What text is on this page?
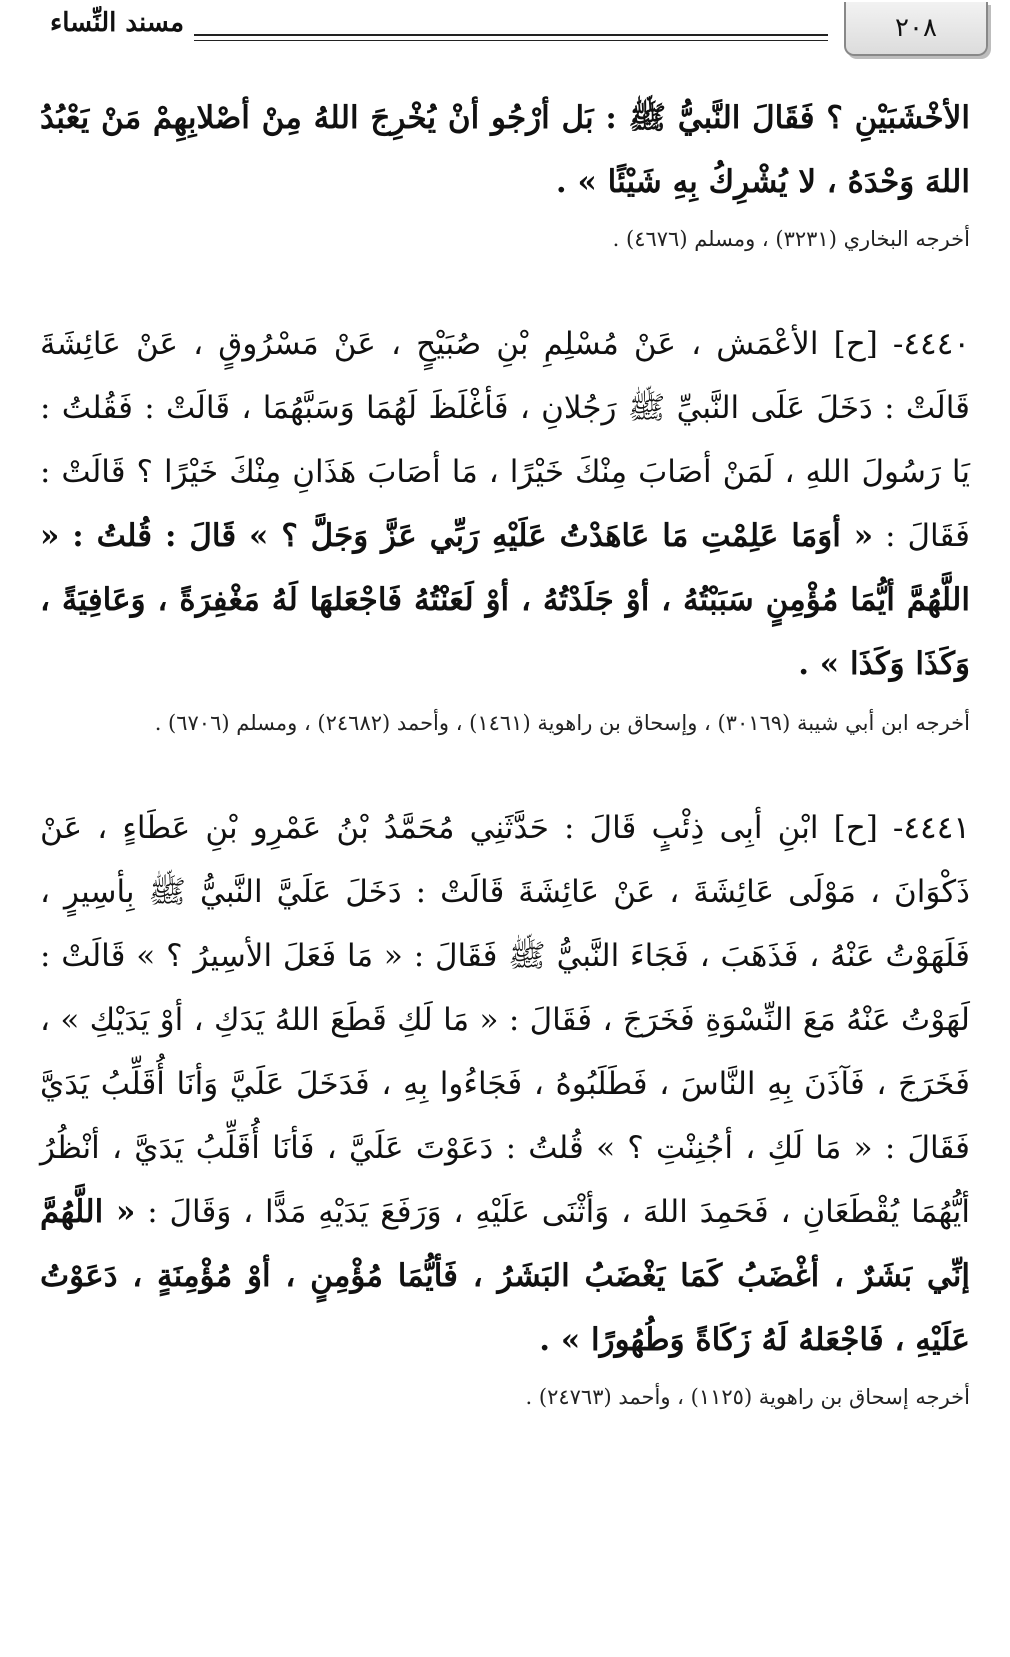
٢٠٨
مسند النِّساء

الأخْشَبَيْنِ ؟ فَقَالَ النَّبيُّ ﷺ : بَل أرْجُو أنْ يُخْرِجَ اللهُ مِنْ أصْلابِهِمْ مَنْ يَعْبُدُ اللهَ وَحْدَهُ ، لا يُشْرِكُ بِهِ شَيْئًا » .

أخرجه البخاري (٣٢٣١) ، ومسلم (٤٦٧٦) .

٤٤٤٠- [ح] الأعْمَش ، عَنْ مُسْلِمِ بْنِ صُبَيْحٍ ، عَنْ مَسْرُوقٍ ، عَنْ عَائِشَةَ قَالَتْ : دَخَلَ عَلَى النَّبيِّ ﷺ رَجُلانِ ، فَأغْلَظَ لَهُمَا وَسَبَّهُمَا ، قَالَتْ : فَقُلتُ : يَا رَسُولَ اللهِ ، لَمَنْ أصَابَ مِنْكَ خَيْرًا ، مَا أصَابَ هَذَانِ مِنْكَ خَيْرًا ؟ قَالَتْ : فَقَالَ : « أوَمَا عَلِمْتِ مَا عَاهَدْتُ عَلَيْهِ رَبِّي عَزَّ وَجَلَّ ؟ » قَالَ : قُلتُ : « اللَّهُمَّ أيُّمَا مُؤْمِنٍ سَبَبْتُهُ ، أوْ جَلَدْتُهُ ، أوْ لَعَنْتُهُ فَاجْعَلهَا لَهُ مَغْفِرَةً ، وَعَافِيَةً ، وَكَذَا وَكَذَا » .

أخرجه ابن أبي شيبة (٣٠١٦٩) ، وإسحاق بن راهوية (١٤٦١) ، وأحمد (٢٤٦٨٢) ، ومسلم (٦٧٠٦) .

٤٤٤١- [ح] ابْنِ أبِى ذِئْبٍ قَالَ : حَدَّثَنِي مُحَمَّدُ بْنُ عَمْرِو بْنِ عَطَاءٍ ، عَنْ ذَكْوَانَ ، مَوْلَى عَائِشَةَ ، عَنْ عَائِشَةَ قَالَتْ : دَخَلَ عَلَيَّ النَّبيُّ ﷺ بِأسِيرٍ ، فَلَهَوْتُ عَنْهُ ، فَذَهَبَ ، فَجَاءَ النَّبيُّ ﷺ فَقَالَ : « مَا فَعَلَ الأسِيرُ ؟ » قَالَتْ : لَهَوْتُ عَنْهُ مَعَ النِّسْوَةِ فَخَرَجَ ، فَقَالَ : « مَا لَكِ قَطَعَ اللهُ يَدَكِ ، أوْ يَدَيْكِ » ، فَخَرَجَ ، فَآذَنَ بِهِ النَّاسَ ، فَطَلَبُوهُ ، فَجَاءُوا بِهِ ، فَدَخَلَ عَلَيَّ وَأنَا أُقَلِّبُ يَدَيَّ فَقَالَ : « مَا لَكِ ، أجُنِنْتِ ؟ » قُلتُ : دَعَوْتَ عَلَيَّ ، فَأنَا أُقَلِّبُ يَدَيَّ ، أنْظُرُ أيُّهُمَا يُقْطَعَانِ ، فَحَمِدَ اللهَ ، وَأثْنَى عَلَيْهِ ، وَرَفَعَ يَدَيْهِ مَدًّا ، وَقَالَ : « اللَّهُمَّ إنِّي بَشَرٌ ، أغْضَبُ كَمَا يَغْضَبُ البَشَرُ ، فَأيُّمَا مُؤْمِنٍ ، أوْ مُؤْمِنَةٍ ، دَعَوْتُ عَلَيْهِ ، فَاجْعَلهُ لَهُ زَكَاةً وَطُهُورًا » .

أخرجه إسحاق بن راهوية (١١٢٥) ، وأحمد (٢٤٧٦٣) .
